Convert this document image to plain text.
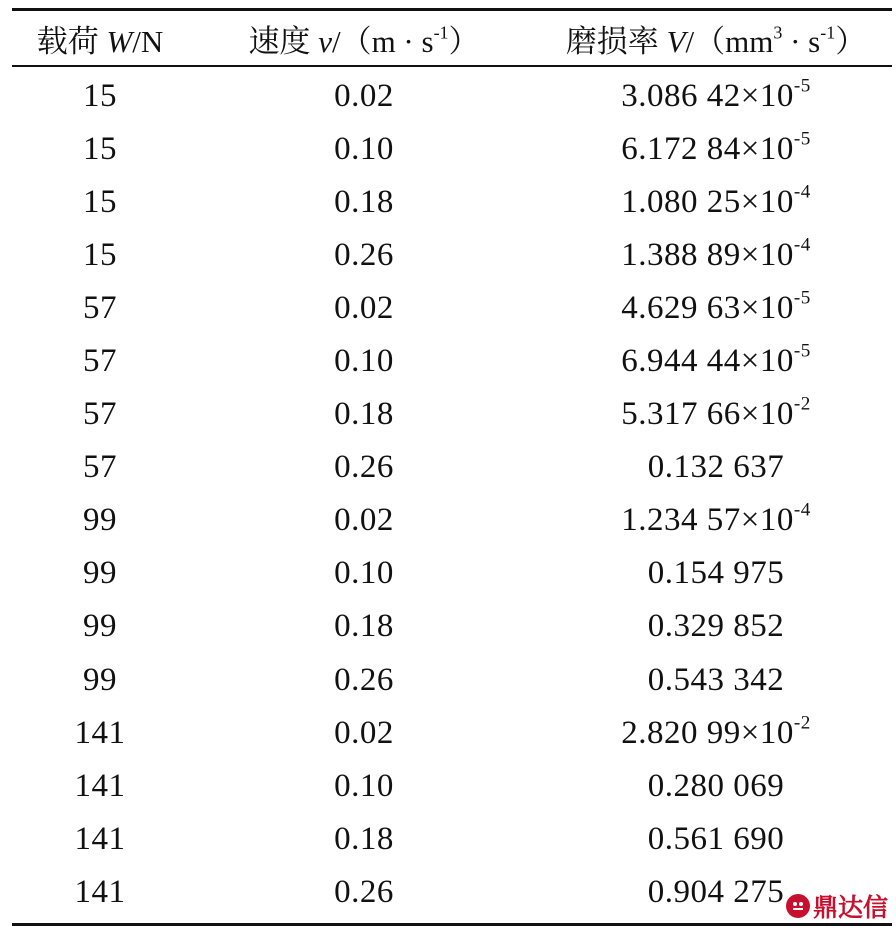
载荷 W/N	速度 $v/(m \cdot s^{-1})$	磨损率 $V/(mm^3 \cdot s^{-1})$
15	0.02	3.086 $42\times 10^{-5}$
15	0.10	6.172 $84\times 10^{-5}$
15	0.18	1.080 $25\times 10^{-4}$
15	0.26	1.388 $89\times 10^{-4}$
57	0.02	4.629 $63\times 10^{-5}$
57	0.10	6.944 $44\times 10^{-5}$
57	0.18	5.317 $66\times 10^{-2}$
57	0.26	0.132 637
99	0.02	1.234 $57\times 10^{-4}$
99	0.10	0.154 975
99	0.18	0.329 852
99	0.26	0.543 342
141	0.02	2.820 $99\times 10^{-2}$
141	0.10	0.280 069
141	0.18	0.561 690
141	0.26	0.904 275	鼎达信
